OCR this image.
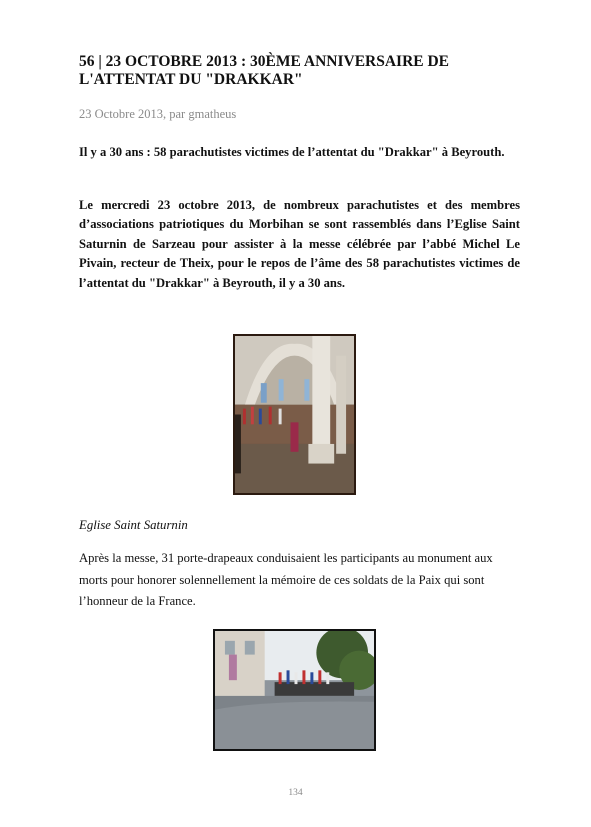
56 | 23 OCTOBRE 2013 : 30ÈME ANNIVERSAIRE DE L'ATTENTAT DU "DRAKKAR"
23 Octobre 2013, par gmatheus

Il y a 30 ans : 58 parachutistes victimes de l’attentat du "Drakkar" à Beyrouth.

Le mercredi 23 octobre 2013, de nombreux parachutistes et des membres d’associations patriotiques du Morbihan se sont rassemblés dans l’Eglise Saint Saturnin de Sarzeau pour assister à la messe célébrée par l’abbé Michel Le Pivain, recteur de Theix, pour le repos de l’âme des 58 parachutistes victimes de l’attentat du "Drakkar" à Beyrouth, il y a 30 ans.

Eglise Saint Saturnin

Après la messe, 31 porte-drapeaux conduisaient les participants au monument aux morts pour honorer solennellement la mémoire de ces soldats de la Paix qui sont l’honneur de la France.

134
